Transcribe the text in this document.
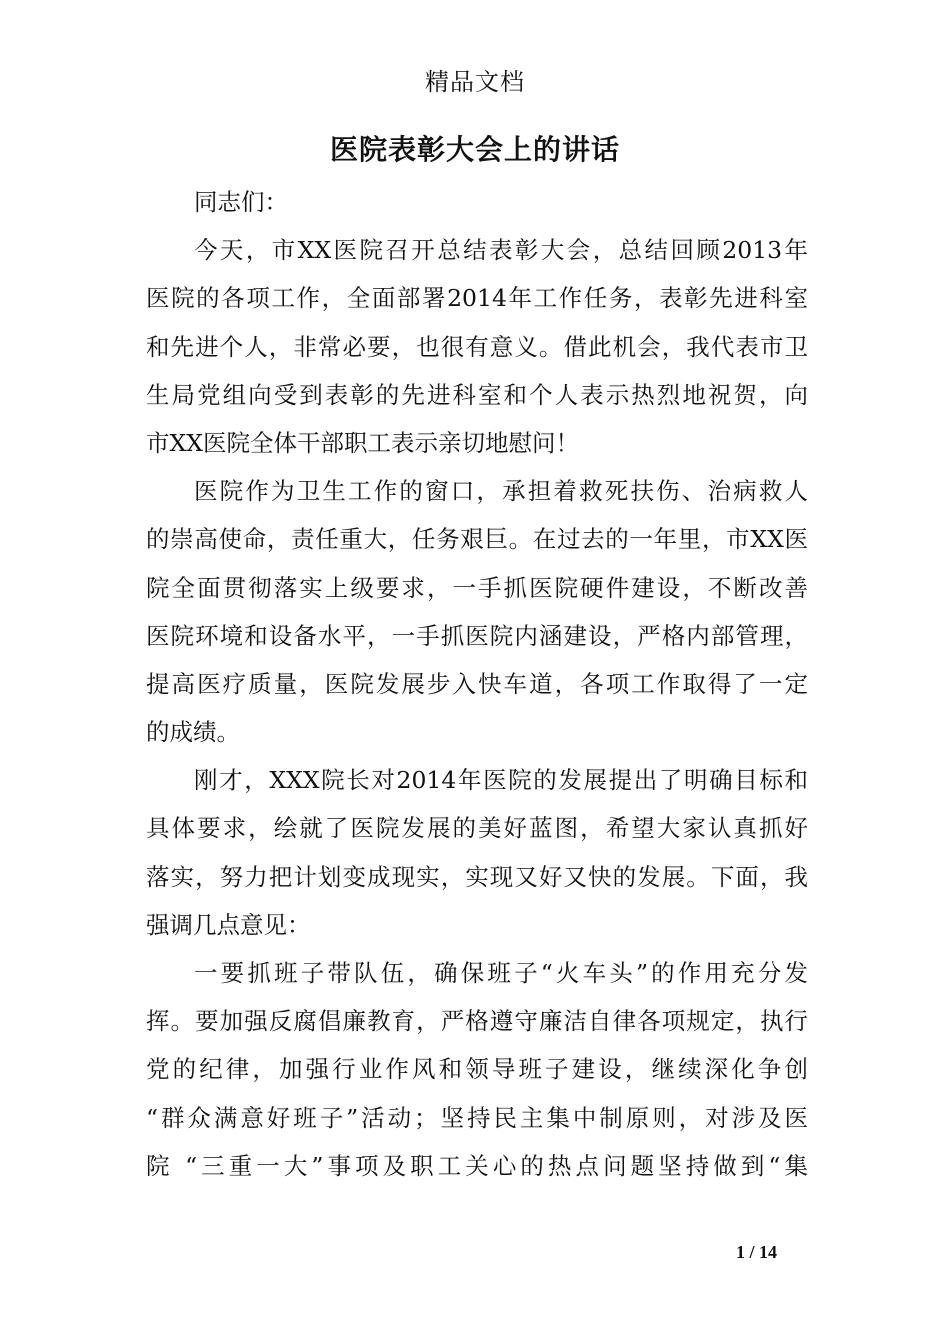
精品文档
医院表彰大会上的讲话
同志们：
今天，市XX医院召开总结表彰大会，总结回顾2013年
医院的各项工作，全面部署2014年工作任务，表彰先进科室
和先进个人，非常必要，也很有意义。借此机会，我代表市卫
生局党组向受到表彰的先进科室和个人表示热烈地祝贺，向
市XX医院全体干部职工表示亲切地慰问！
医院作为卫生工作的窗口，承担着救死扶伤、治病救人
的崇高使命，责任重大，任务艰巨。在过去的一年里，市XX医
院全面贯彻落实上级要求，一手抓医院硬件建设，不断改善
医院环境和设备水平，一手抓医院内涵建设，严格内部管理，
提高医疗质量，医院发展步入快车道，各项工作取得了一定
的成绩。
刚才，XXX院长对2014年医院的发展提出了明确目标和
具体要求，绘就了医院发展的美好蓝图，希望大家认真抓好
落实，努力把计划变成现实，实现又好又快的发展。下面，我
强调几点意见：
一要抓班子带队伍，确保班子“火车头”的作用充分发
挥。要加强反腐倡廉教育，严格遵守廉洁自律各项规定，执行
党的纪律，加强行业作风和领导班子建设，继续深化争创
“群众满意好班子”活动；坚持民主集中制原则，对涉及医
院 “三重一大”事项及职工关心的热点问题坚持做到“集
1 / 14
